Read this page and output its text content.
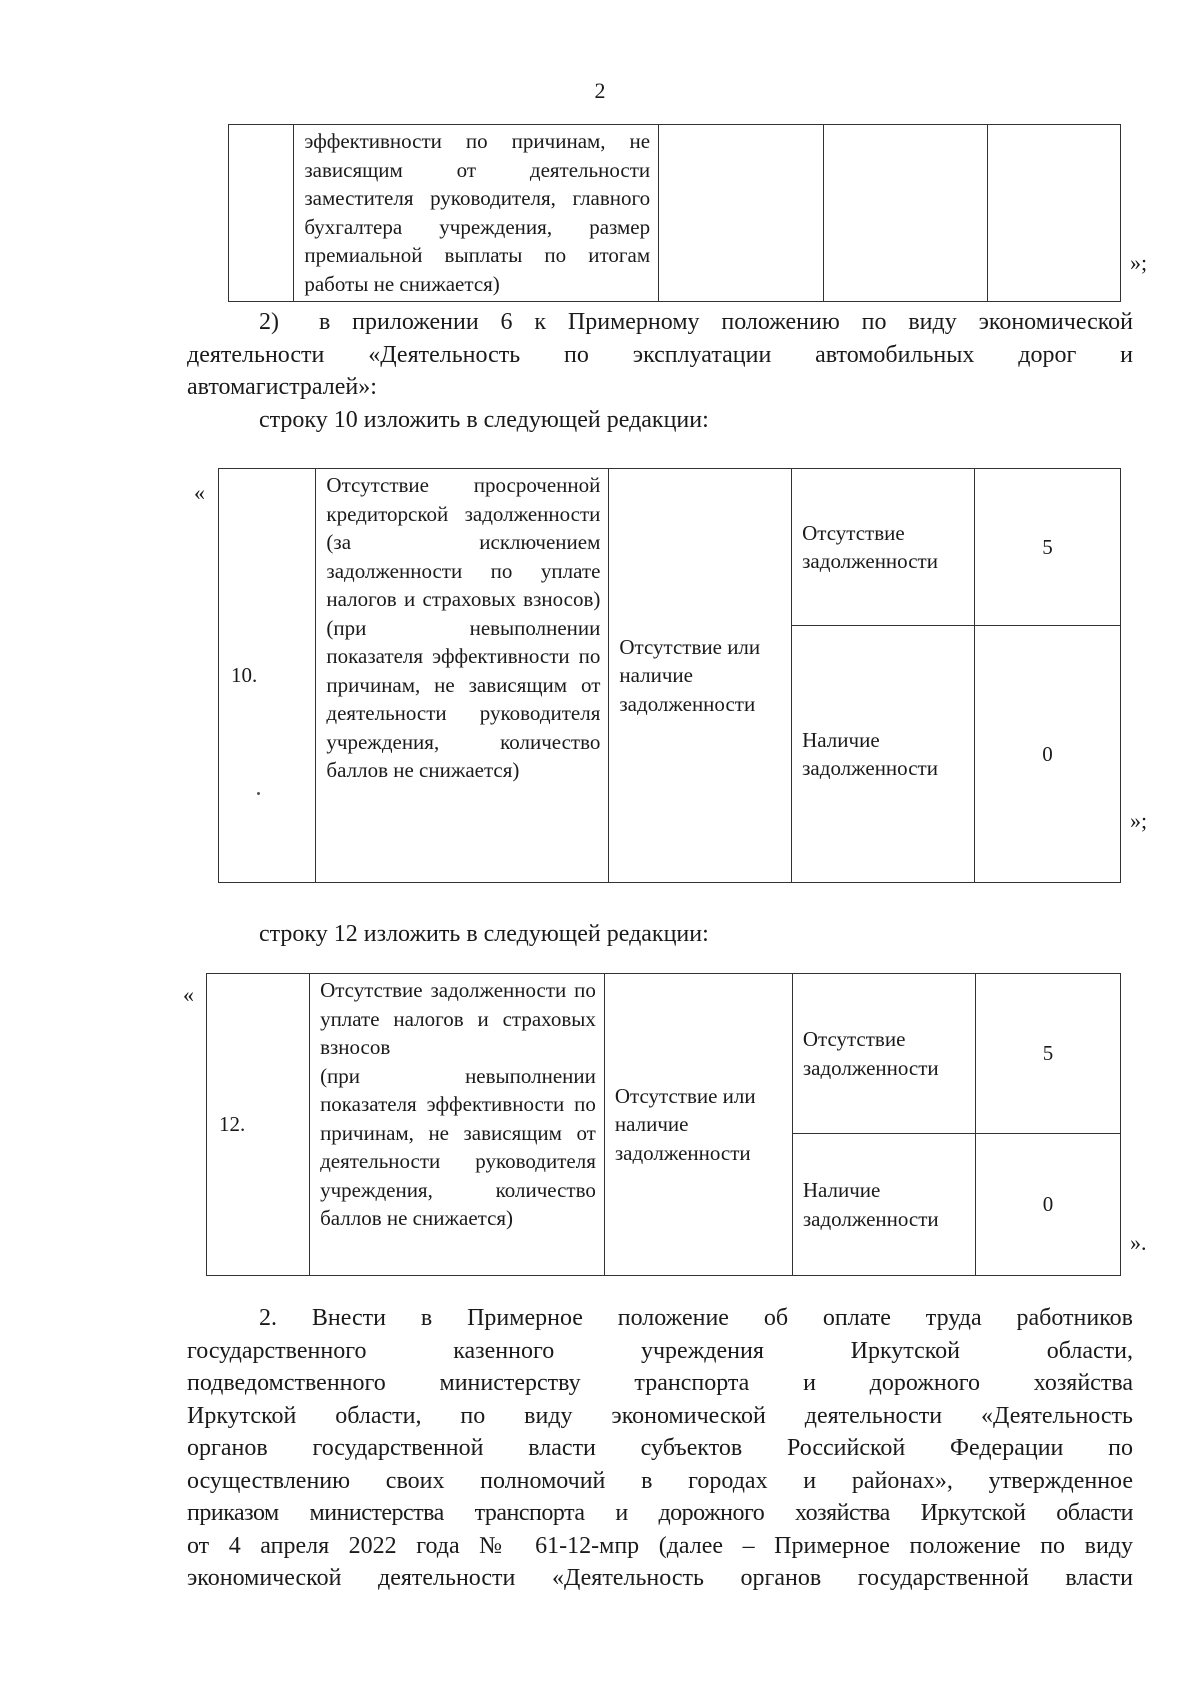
2
	эффективности по причинам, не зависящим от деятельности заместителя руководителя, главного бухгалтера учреждения, размер премиальной выплаты по итогам работы не снижается)			
»;

2) в приложении 6 к Примерному положению по виду экономической

деятельности «Деятельность по эксплуатации автомобильных дорог и

автомагистралей»:

строку 10 изложить в следующей редакции:

«
10.	Отсутствие просроченной кредиторской задолженности (за исключением задолженности по уплате налогов и страховых взносов) (при невыполнении показателя эффективности по причинам, не зависящим от деятельности руководителя учреждения, количество баллов не снижается)	Отсутствие или наличие задолженности	Отсутствие задолженности	5
			Наличие задолженности	0
»;
строку 12 изложить в следующей редакции:
«
12.	Отсутствие задолженности по уплате налогов и страховых взносов
(при невыполнении показателя эффективности по причинам, не зависящим от деятельности руководителя учреждения, количество баллов не снижается)	Отсутствие или наличие задолженности	Отсутствие задолженности	5
			Наличие задолженности	0
».

2. Внести в Примерное положение об оплате труда работников

государственного казенного учреждения Иркутской области,

подведомственного министерству транспорта и дорожного хозяйства

Иркутской области, по виду экономической деятельности «Деятельность

органов государственной власти субъектов Российской Федерации по

осуществлению своих полномочий в городах и районах», утвержденное

приказом министерства транспорта и дорожного хозяйства Иркутской области

от 4 апреля 2022 года № 61-12-мпр (далее – Примерное положение по виду

экономической деятельности «Деятельность органов государственной власти
